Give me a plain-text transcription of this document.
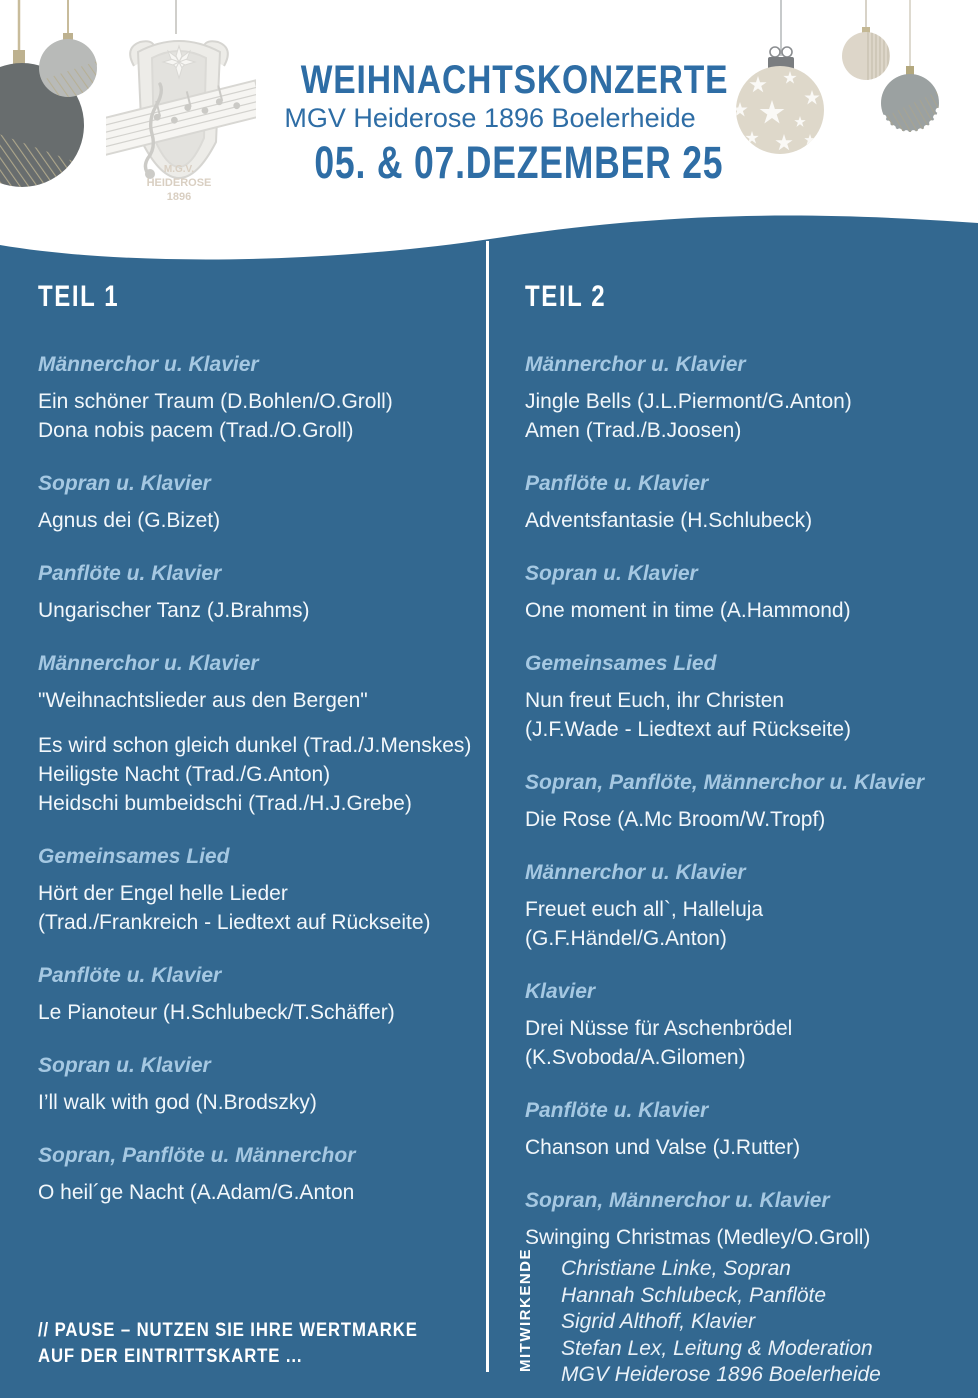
M.G.V.
HEIDEROSE
1896
WEIHNACHTSKONZERTE
MGV Heiderose 1896 Boelerheide
05. & 07.DEZEMBER 25
TEIL 1
Männerchor u. Klavier
Ein schöner Traum (D.Bohlen/O.Groll)
Dona nobis pacem (Trad./O.Groll)
Sopran u. Klavier
Agnus dei (G.Bizet)
Panflöte u. Klavier
Ungarischer Tanz (J.Brahms)
Männerchor u. Klavier
"Weihnachtslieder aus den Bergen"
Es wird schon gleich dunkel (Trad./J.Menskes)
Heiligste Nacht (Trad./G.Anton)
Heidschi bumbeidschi (Trad./H.J.Grebe)
Gemeinsames Lied
Hört der Engel helle Lieder
(Trad./Frankreich - Liedtext auf Rückseite)
Panflöte u. Klavier
Le Pianoteur (H.Schlubeck/T.Schäffer)
Sopran u. Klavier
I’ll walk with god (N.Brodszky)
Sopran, Panflöte u. Männerchor
O heil´ge Nacht (A.Adam/G.Anton
TEIL 2
Männerchor u. Klavier
Jingle Bells (J.L.Piermont/G.Anton)
Amen (Trad./B.Joosen)
Panflöte u. Klavier
Adventsfantasie (H.Schlubeck)
Sopran u. Klavier
One moment in time (A.Hammond)
Gemeinsames Lied
Nun freut Euch, ihr Christen
(J.F.Wade - Liedtext auf Rückseite)
Sopran, Panflöte, Männerchor u. Klavier
Die Rose (A.Mc Broom/W.Tropf)
Männerchor u. Klavier
Freuet euch all`, Halleluja
(G.F.Händel/G.Anton)
Klavier
Drei Nüsse für Aschenbrödel
(K.Svoboda/A.Gilomen)
Panflöte u. Klavier
Chanson und Valse (J.Rutter)
Sopran, Männerchor u. Klavier
Swinging Christmas (Medley/O.Groll)
// PAUSE – NUTZEN SIE IHRE WERTMARKE
AUF DER EINTRITTSKARTE ...	MITWIRKENDE Christiane Linke, Sopran
Hannah Schlubeck, Panflöte
Sigrid Althoff, Klavier
Stefan Lex, Leitung & Moderation
MGV Heiderose 1896 Boelerheide
